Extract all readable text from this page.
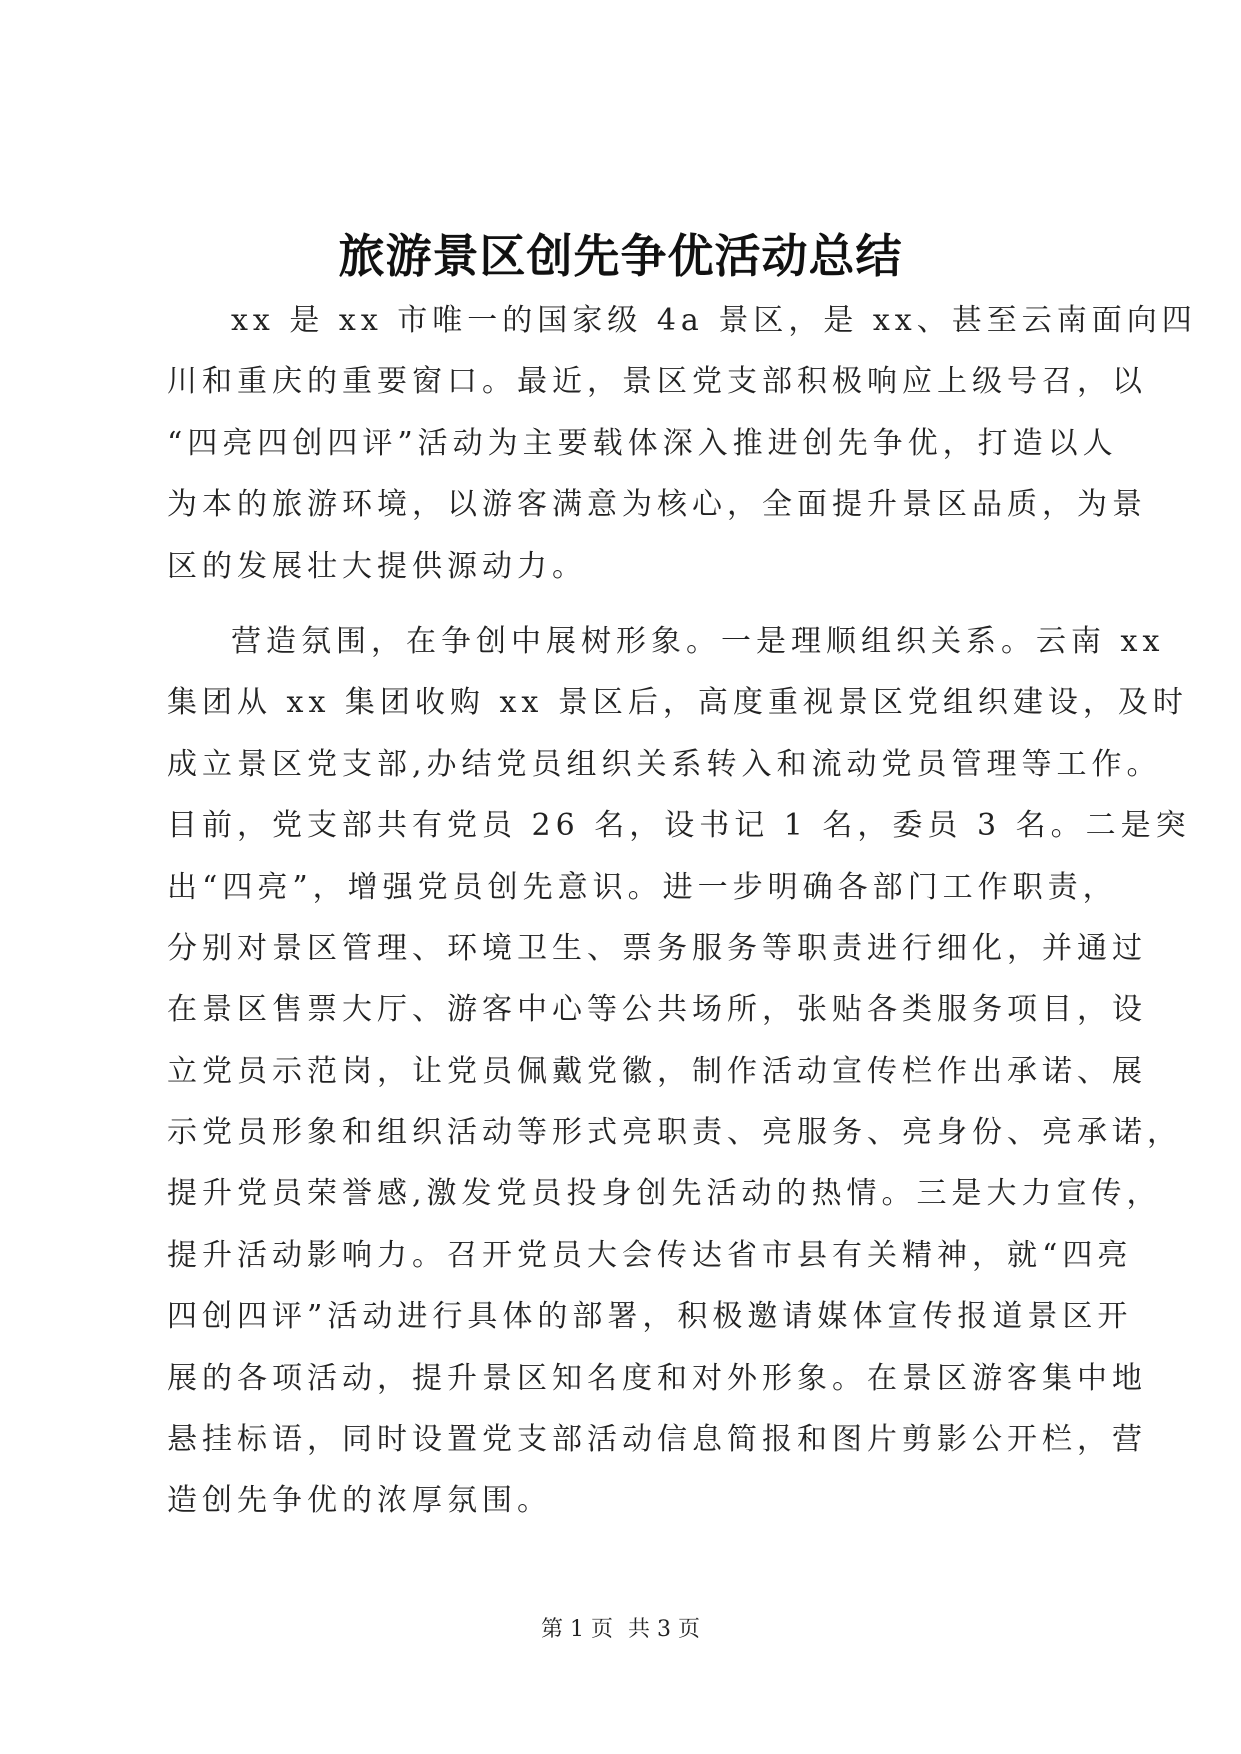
旅游景区创先争优活动总结
xx 是 xx 市唯一的国家级 4a 景区，是 xx、甚至云南面向四
川和重庆的重要窗口。最近，景区党支部积极响应上级号召，以
“四亮四创四评”活动为主要载体深入推进创先争优，打造以人
为本的旅游环境，以游客满意为核心，全面提升景区品质，为景
区的发展壮大提供源动力。
营造氛围，在争创中展树形象。一是理顺组织关系。云南 xx
集团从 xx 集团收购 xx 景区后，高度重视景区党组织建设，及时
成立景区党支部,办结党员组织关系转入和流动党员管理等工作。
目前，党支部共有党员 26 名，设书记 1 名，委员 3 名。二是突
出“四亮”，增强党员创先意识。进一步明确各部门工作职责，
分别对景区管理、环境卫生、票务服务等职责进行细化，并通过
在景区售票大厅、游客中心等公共场所，张贴各类服务项目，设
立党员示范岗，让党员佩戴党徽，制作活动宣传栏作出承诺、展
示党员形象和组织活动等形式亮职责、亮服务、亮身份、亮承诺，
提升党员荣誉感,激发党员投身创先活动的热情。三是大力宣传，
提升活动影响力。召开党员大会传达省市县有关精神，就“四亮
四创四评”活动进行具体的部署，积极邀请媒体宣传报道景区开
展的各项活动，提升景区知名度和对外形象。在景区游客集中地
悬挂标语，同时设置党支部活动信息简报和图片剪影公开栏，营
造创先争优的浓厚氛围。
第 1 页 共 3 页
